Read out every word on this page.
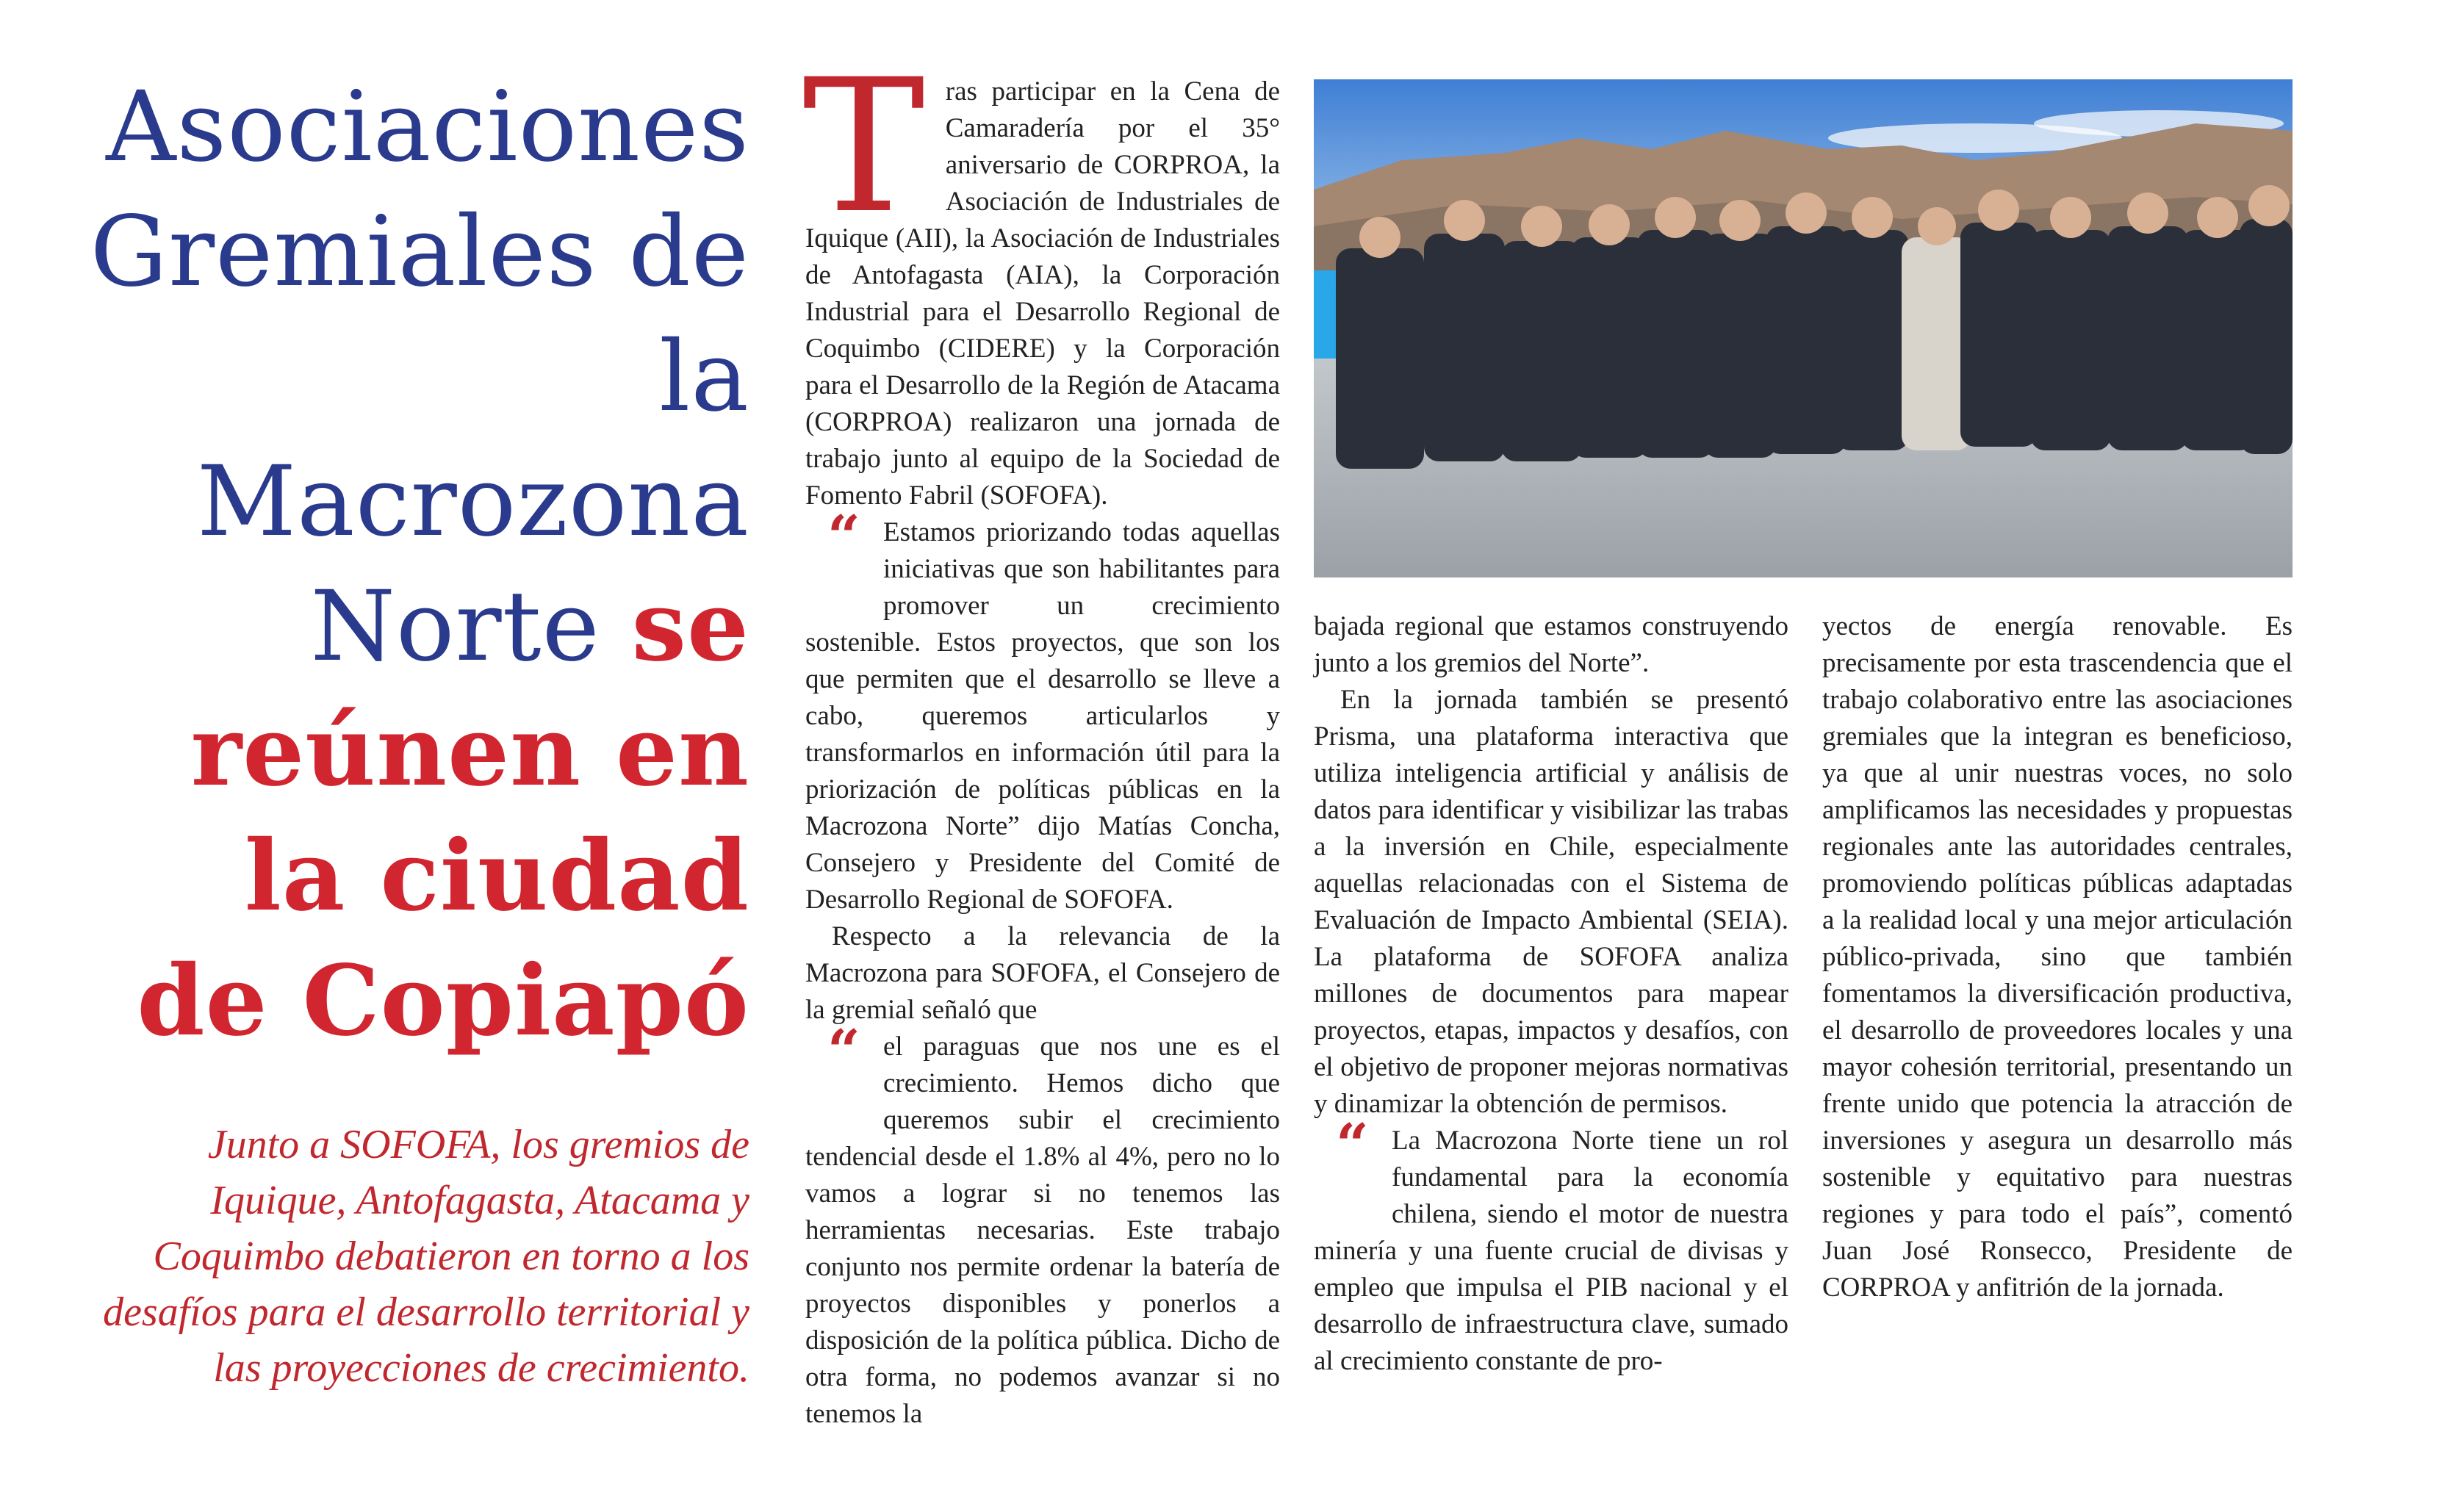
Asociaciones Gremiales de la Macrozona Norte se reúnen en la ciudad de Copiapó
Junto a SOFOFA, los gremios de Iquique, Antofagasta, Atacama y Coquimbo debatieron en torno a los desafíos para el desarrollo territorial y las proyecciones de crecimiento.

Tras participar en la Cena de Camaradería por el 35° aniversario de CORPROA, la Asociación de Industriales de Iquique (AII), la Asociación de Industriales de Antofagasta (AIA), la Corporación Industrial para el Desarrollo Regional de Coquimbo (CIDERE) y la Corporación para el Desarrollo de la Región de Atacama (CORPROA) realizaron una jornada de trabajo junto al equipo de la Sociedad de Fomento Fabril (SOFOFA).

“ Estamos priorizando todas aquellas iniciativas que son habilitantes para promover un crecimiento sostenible. Estos proyectos, que son los que permiten que el desarrollo se lleve a cabo, queremos articularlos y transformarlos en información útil para la priorización de políticas públicas en la Macrozona Norte” dijo Matías Concha, Consejero y Presidente del Comité de Desarrollo Regional de SOFOFA.

Respecto a la relevancia de la Macrozona para SOFOFA, el Consejero de la gremial señaló que

“ el paraguas que nos une es el crecimiento. Hemos dicho que queremos subir el crecimiento tendencial desde el 1.8% al 4%, pero no lo vamos a lograr si no tenemos las herramientas necesarias. Este trabajo conjunto nos permite ordenar la batería de proyectos disponibles y ponerlos a disposición de la política pública. Dicho de otra forma, no podemos avanzar si no tenemos la

bajada regional que estamos construyendo junto a los gremios del Norte”.

En la jornada también se presentó Prisma, una plataforma interactiva que utiliza inteligencia artificial y análisis de datos para identificar y visibilizar las trabas a la inversión en Chile, especialmente aquellas relacionadas con el Sistema de Evaluación de Impacto Ambiental (SEIA). La plataforma de SOFOFA analiza millones de documentos para mapear proyectos, etapas, impactos y desafíos, con el objetivo de proponer mejoras normativas y dinamizar la obtención de permisos.

“ La Macrozona Norte tiene un rol fundamental para la economía chilena, siendo el motor de nuestra minería y una fuente crucial de divisas y empleo que impulsa el PIB nacional y el desarrollo de infraestructura clave, sumado al crecimiento constante de pro-

yectos de energía renovable. Es precisamente por esta trascendencia que el trabajo colaborativo entre las asociaciones gremiales que la integran es beneficioso, ya que al unir nuestras voces, no solo amplificamos las necesidades y propuestas regionales ante las autoridades centrales, promoviendo políticas públicas adaptadas a la realidad local y una mejor articulación público-privada, sino que también fomentamos la diversificación productiva, el desarrollo de proveedores locales y una mayor cohesión territorial, presentando un frente unido que potencia la atracción de inversiones y asegura un desarrollo más sostenible y equitativo para nuestras regiones y para todo el país”, comentó Juan José Ronsecco, Presidente de CORPROA y anfitrión de la jornada.
